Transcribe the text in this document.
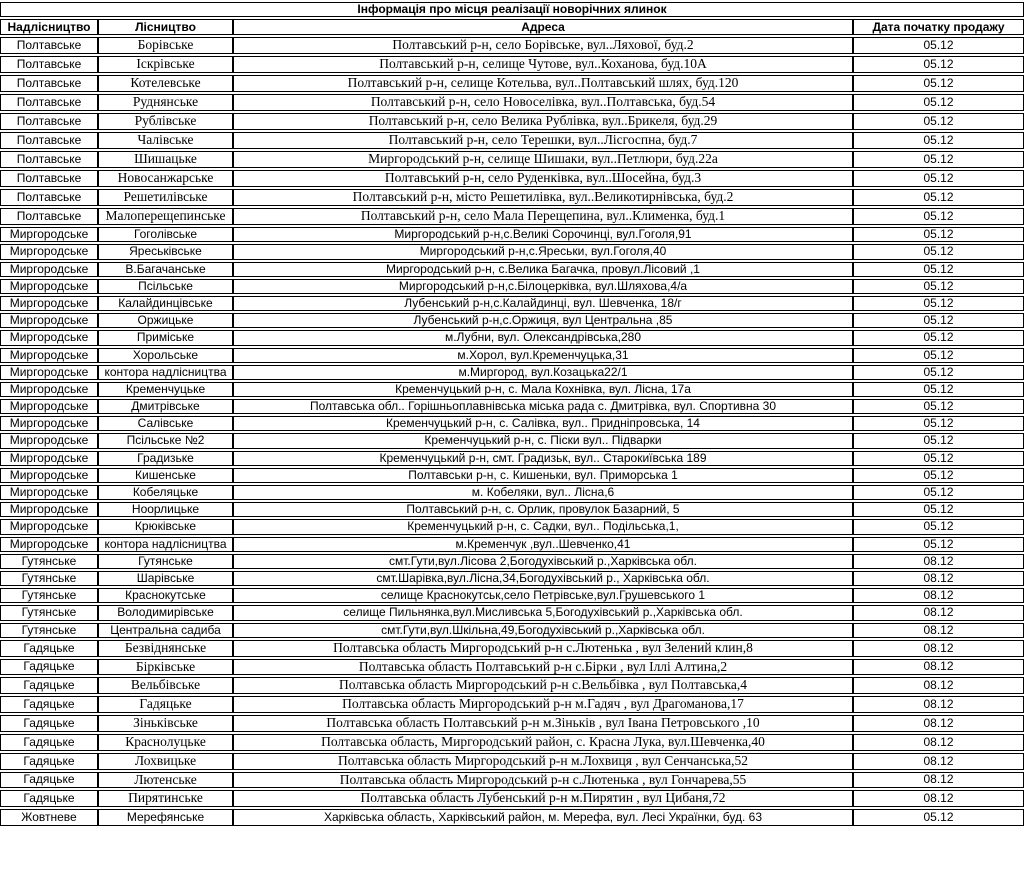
Інформація про місця реалізації новорічних ялинок			
Надлісництво	Лісництво	Адреса	Дата початку продажу
Полтавське	Борівське	Полтавський р-н, село Борівське, вул..Ляхової, буд.2	05.12
Полтавське	Іскрівське	Полтавський р-н, селище Чутове, вул..Коханова, буд.10А	05.12
Полтавське	Котелевське	Полтавський р-н, селище Котельва, вул..Полтавський шлях, буд.120	05.12
Полтавське	Руднянське	Полтавський р-н, село Новоселівка, вул..Полтавська, буд.54	05.12
Полтавське	Рублівське	Полтавський р-н, село Велика Рублівка, вул..Брикеля, буд.29	05.12
Полтавське	Чалівське	Полтавський р-н, село Терешки, вул..Лісгоспна, буд.7	05.12
Полтавське	Шишацьке	Миргородський р-н, селище Шишаки, вул..Петлюри, буд.22а	05.12
Полтавське	Новосанжарське	Полтавський р-н, село Руденківка, вул..Шосейна, буд.3	05.12
Полтавське	Решетилівське	Полтавський р-н, місто Решетилівка, вул..Великотирнівська, буд.2	05.12
Полтавське	Малоперещепинське	Полтавський р-н, село Мала Перещепина, вул..Клименка, буд.1	05.12
Миргородське	Гоголівське	Миргородський р-н,с.Великі Сорочинці, вул.Гоголя,91	05.12
Миргородське	Яреськівське	Миргородський р-н,с.Яреськи, вул.Гоголя,40	05.12
Миргородське	В.Багачанське	Миргородський р-н, с.Велика Багачка, провул.Лісовий ,1	05.12
Миргородське	Псільське	Миргородський р-н,с.Білоцерківка, вул.Шляхова,4/а	05.12
Миргородське	Калайдинцівське	Лубенський р-н,с.Калайдинці, вул. Шевченка, 18/г	05.12
Миргородське	Оржицьке	Лубенський р-н,с.Оржиця, вул Центральна ,85	05.12
Миргородське	Приміське	м.Лубни, вул. Олександрівська,280	05.12
Миргородське	Хорольське	м.Хорол, вул.Кременчуцька,31	05.12
Миргородське	контора надлісництва	м.Миргород, вул.Козацька22/1	05.12
Миргородське	Кременчуцьке	Кременчуцький р-н, с. Мала Кохнівка, вул. Лісна, 17а	05.12
Миргородське	Дмитрівське	Полтавська обл.. Горішньоплавнівська міська рада с. Дмитрівка, вул. Спортивна 30	05.12
Миргородське	Салівське	Кременчуцький р-н, с. Салівка, вул.. Придніпровська, 14	05.12
Миргородське	Псільське №2	Кременчуцький р-н, с. Піски вул.. Підварки	05.12
Миргородське	Градизьке	Кременчуцький р-н, смт. Градизьк, вул.. Старокиївська 189	05.12
Миргородське	Кишенське	Полтавськи р-н, с. Кишеньки, вул. Приморська 1	05.12
Миргородське	Кобеляцьке	м. Кобеляки, вул.. Лісна,6	05.12
Миргородське	Ноорлицьке	Полтавський р-н, с. Орлик, провулок Базарний, 5	05.12
Миргородське	Крюківське	Кременчуцький р-н, с. Садки, вул.. Подільська,1,	05.12
Миргородське	контора надлісництва	м.Кременчук ,вул..Шевченко,41	05.12
Гутянське	Гутянське	смт.Гути,вул.Лісова 2,Богодухівський р.,Харківська обл.	08.12
Гутянське	Шарівське	смт.Шарівка,вул.Лісна,34,Богодухівський р., Харківська обл.	08.12
Гутянське	Краснокутське	селище Краснокутськ,село Петрівське,вул.Грушевського 1	08.12
Гутянське	Володимирівське	селище Пильнянка,вул.Мисливська 5,Богодухівський р.,Харківська обл.	08.12
Гутянське	Центральна садиба	смт.Гути,вул.Шкільна,49,Богодухівський р.,Харківська обл.	08.12
Гадяцьке	Безвіднянське	Полтавська область Миргородський р-н с.Лютенька , вул Зелений клин,8	08.12
Гадяцьке	Бірківське	Полтавська область Полтавський р-н с.Бірки , вул Іллі Алтина,2	08.12
Гадяцьке	Вельбівське	Полтавська область Миргородський р-н с.Вельбівка , вул Полтавська,4	08.12
Гадяцьке	Гадяцьке	Полтавська область Миргородський р-н м.Гадяч , вул Драгоманова,17	08.12
Гадяцьке	Зіньківське	Полтавська область Полтавський р-н м.Зіньків , вул Івана Петровського ,10	08.12
Гадяцьке	Краснолуцьке	Полтавська область, Миргородський район, с. Красна Лука, вул.Шевченка,40	08.12
Гадяцьке	Лохвицьке	Полтавська область Миргородський р-н м.Лохвиця , вул Сенчанська,52	08.12
Гадяцьке	Лютенське	Полтавська область Миргородський р-н с.Лютенька , вул Гончарева,55	08.12
Гадяцьке	Пирятинське	Полтавська область Лубенський р-н м.Пирятин , вул Цибаня,72	08.12
Жовтневе	Мерефянське	Харківська область, Харківський район, м. Мерефа, вул. Лесі Українки, буд. 63	05.12
